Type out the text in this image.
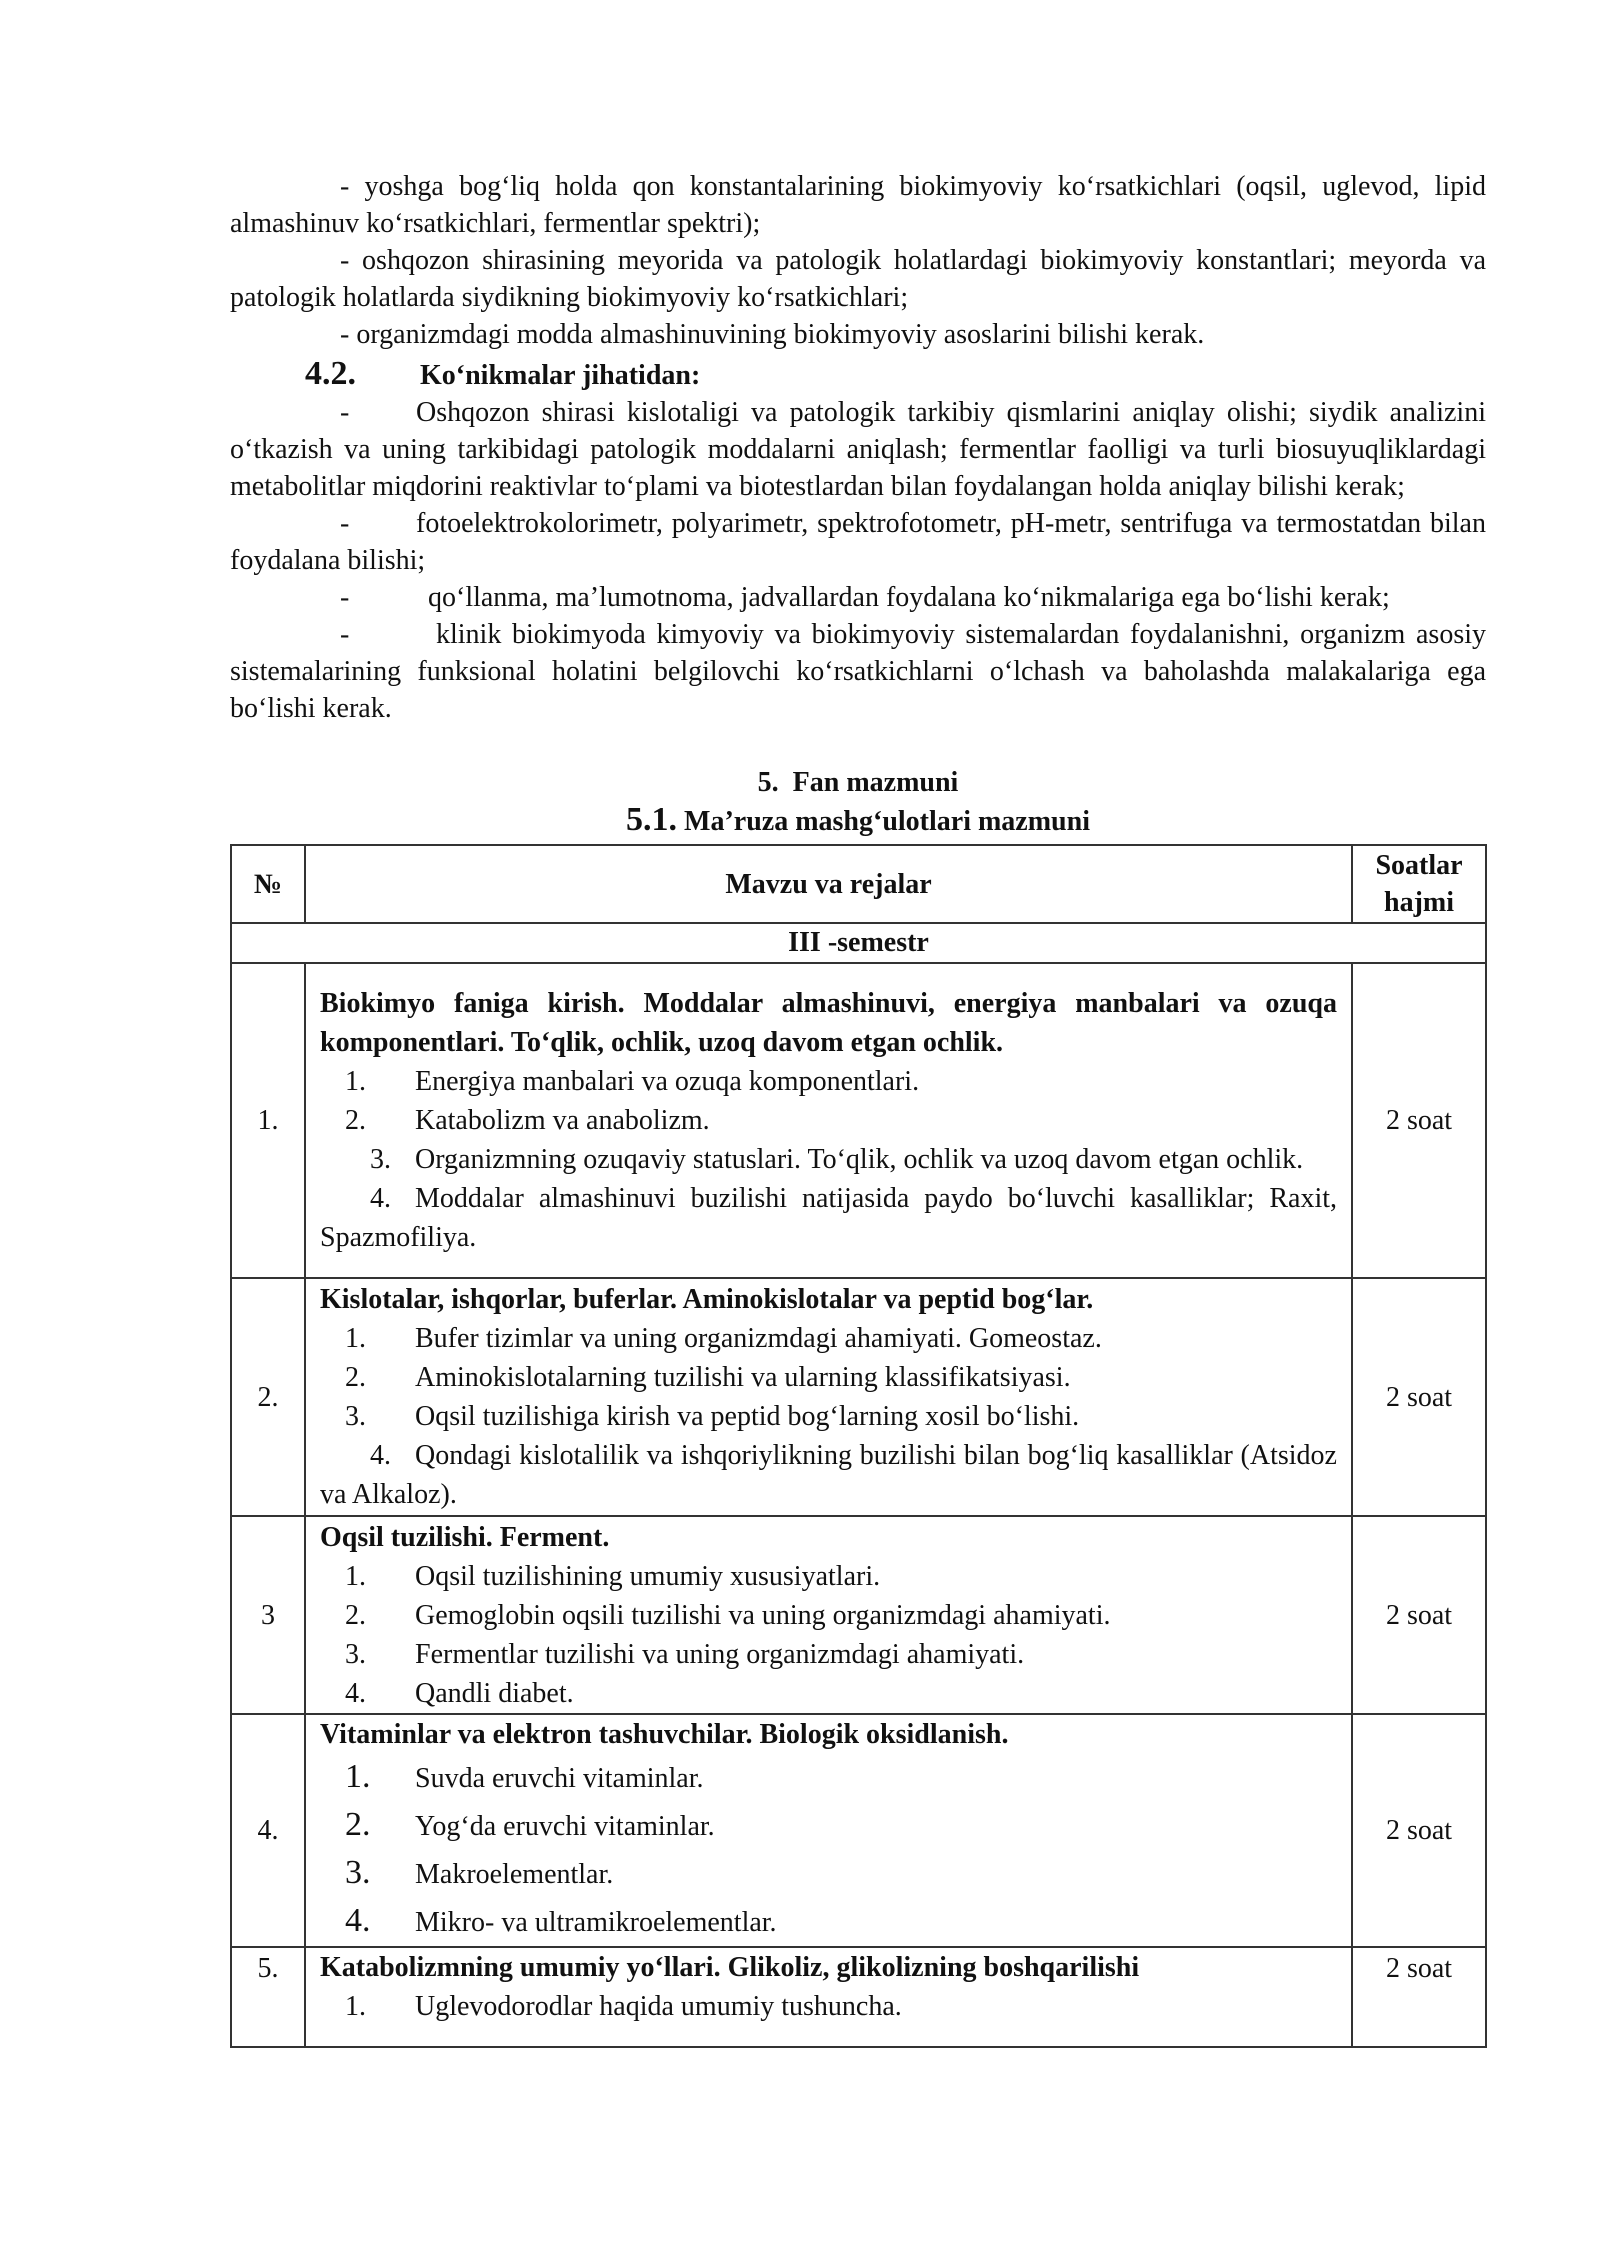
- yoshga bog‘liq holda qon konstantalarining biokimyoviy ko‘rsatkichlari (oqsil, uglevod, lipid almashinuv ko‘rsatkichlari, fermentlar spektri);

- oshqozon shirasining meyorida va patologik holatlardagi biokimyoviy konstantlari; meyorda va patologik holatlarda siydikning biokimyoviy ko‘rsatkichlari;

- organizmdagi modda almashinuvining biokimyoviy asoslarini bilishi kerak.

4.2. Ko‘nikmalar jihatidan:

- Oshqozon shirasi kislotaligi va patologik tarkibiy qismlarini aniqlay olishi; siydik analizini o‘tkazish va uning tarkibidagi patologik moddalarni aniqlash; fermentlar faolligi va turli biosuyuqliklardagi metabolitlar miqdorini reaktivlar to‘plami va biotestlardan bilan foydalangan holda aniqlay bilishi kerak;

- fotoelektrokolorimetr, polyarimetr, spektrofotometr, pH-metr, sentrifuga va termostatdan bilan foydalana bilishi;

-	qo‘llanma, ma’lumotnoma, jadvallardan foydalana ko‘nikmalariga ega bo‘lishi kerak;

-	klinik biokimyoda kimyoviy va biokimyoviy sistemalardan foydalanishni, organizm asosiy sistemalarining funksional holatini belgilovchi ko‘rsatkichlarni o‘lchash va baholashda malakalariga ega bo‘lishi kerak.

5. Fan mazmuni

5.1. Ma’ruza mashg‘ulotlari mazmuni

№	Mavzu va rejalar	Soatlar hajmi
III -semestr		
1.	Biokimyo faniga kirish. Moddalar almashinuvi, energiya manbalari va ozuqa komponentlari. To‘qlik, ochlik, uzoq davom etgan ochlik.

1. Energiya manbalari va ozuqa komponentlari.

2. Katabolizm va anabolizm.

3. Organizmning ozuqaviy statuslari. To‘qlik, ochlik va uzoq davom etgan ochlik.

4. Moddalar almashinuvi buzilishi natijasida paydo bo‘luvchi kasalliklar; Raxit, Spazmofiliya.	2 soat
2.	Kislotalar, ishqorlar, buferlar. Aminokislotalar va peptid bog‘lar.

1. Bufer tizimlar va uning organizmdagi ahamiyati. Gomeostaz.

2. Aminokislotalarning tuzilishi va ularning klassifikatsiyasi.

3. Oqsil tuzilishiga kirish va peptid bog‘larning xosil bo‘lishi.

4. Qondagi kislotalilik va ishqoriylikning buzilishi bilan bog‘liq kasalliklar (Atsidoz va Alkaloz).	2 soat
3	Oqsil tuzilishi. Ferment.

1. Oqsil tuzilishining umumiy xususiyatlari.

2. Gemoglobin oqsili tuzilishi va uning organizmdagi ahamiyati.

3. Fermentlar tuzilishi va uning organizmdagi ahamiyati.

4. Qandli diabet.	2 soat
4.	Vitaminlar va elektron tashuvchilar. Biologik oksidlanish.

1. Suvda eruvchi vitaminlar.

2. Yog‘da eruvchi vitaminlar.

3. Makroelementlar.

4. Mikro- va ultramikroelementlar.	2 soat
5.	Katabolizmning umumiy yo‘llari. Glikoliz, glikolizning boshqarilishi

1. Uglevodorodlar haqida umumiy tushuncha.	2 soat
